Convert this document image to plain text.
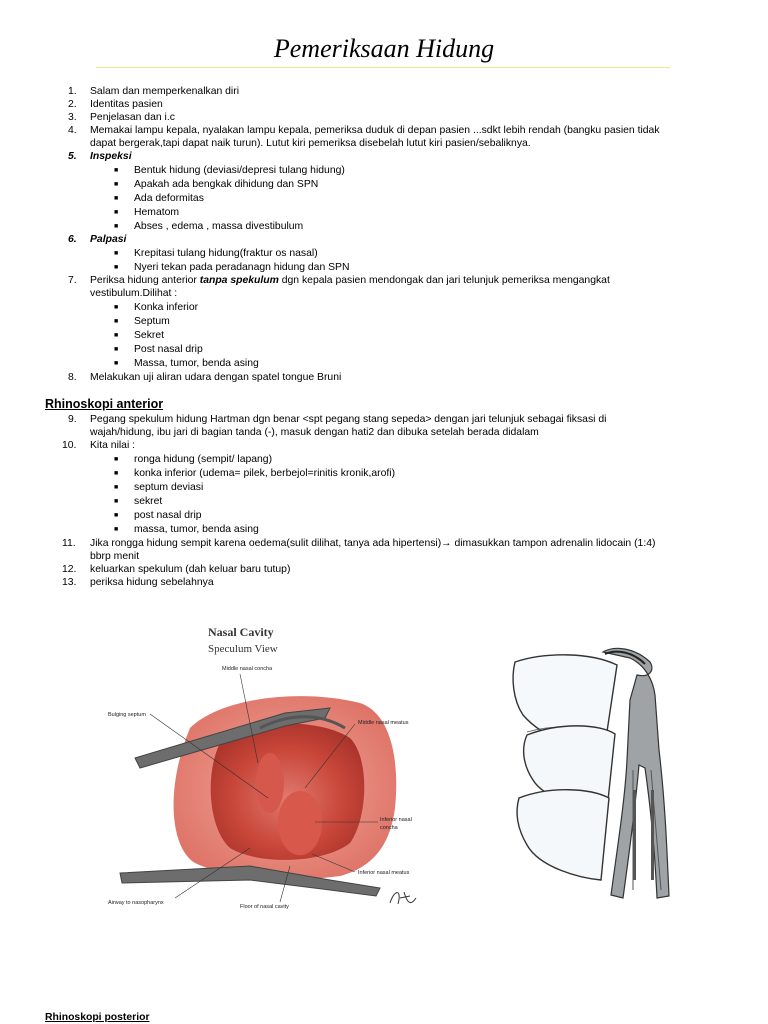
Pemeriksaan Hidung
1. Salam dan memperkenalkan diri
2. Identitas pasien
3. Penjelasan dan i.c
4. Memakai lampu kepala, nyalakan lampu kepala, pemeriksa duduk di depan pasien ...sdkt lebih rendah (bangku pasien tidak
dapat bergerak,tapi dapat naik turun). Lutut kiri pemeriksa disebelah lutut kiri pasien/sebaliknya.
5. Inspeksi
■ Bentuk hidung (deviasi/depresi tulang hidung)
■ Apakah ada bengkak dihidung dan SPN
■ Ada deformitas
■ Hematom
■ Abses , edema , massa divestibulum
6. Palpasi
■ Krepitasi tulang hidung(fraktur os nasal)
■ Nyeri tekan pada peradanagn hidung dan SPN
7. Periksa hidung anterior tanpa spekulum dgn kepala pasien mendongak dan jari telunjuk pemeriksa mengangkat
vestibulum.Dilihat :
■ Konka inferior
■ Septum
■ Sekret
■ Post nasal drip
■ Massa, tumor, benda asing
8. Melakukan uji aliran udara dengan spatel tongue Bruni
Rhinoskopi anterior
9. Pegang spekulum hidung Hartman dgn benar <spt pegang stang sepeda> dengan jari telunjuk sebagai fiksasi di
wajah/hidung, ibu jari di bagian tanda (-), masuk dengan hati2 dan dibuka setelah berada didalam
10. Kita nilai :
■ ronga hidung (sempit/ lapang)
■ konka inferior (udema= pilek, berbejol=rinitis kronik,arofi)
■ septum deviasi
■ sekret
■ post nasal drip
■ massa, tumor, benda asing
11. Jika rongga hidung sempit karena oedema(sulit dilihat, tanya ada hipertensi)→ dimasukkan tampon adrenalin lidocain (1:4)
bbrp menit
12. keluarkan spekulum (dah keluar baru tutup)
13. periksa hidung sebelahnya
Nasal Cavity
Speculum View
Middle nasal concha
Bulging septum
Middle nasal meatus
Inferior nasal
concha
Inferior nasal meatus
Airway to nasopharynx
Floor of nasal cavity
Rhinoskopi posterior
